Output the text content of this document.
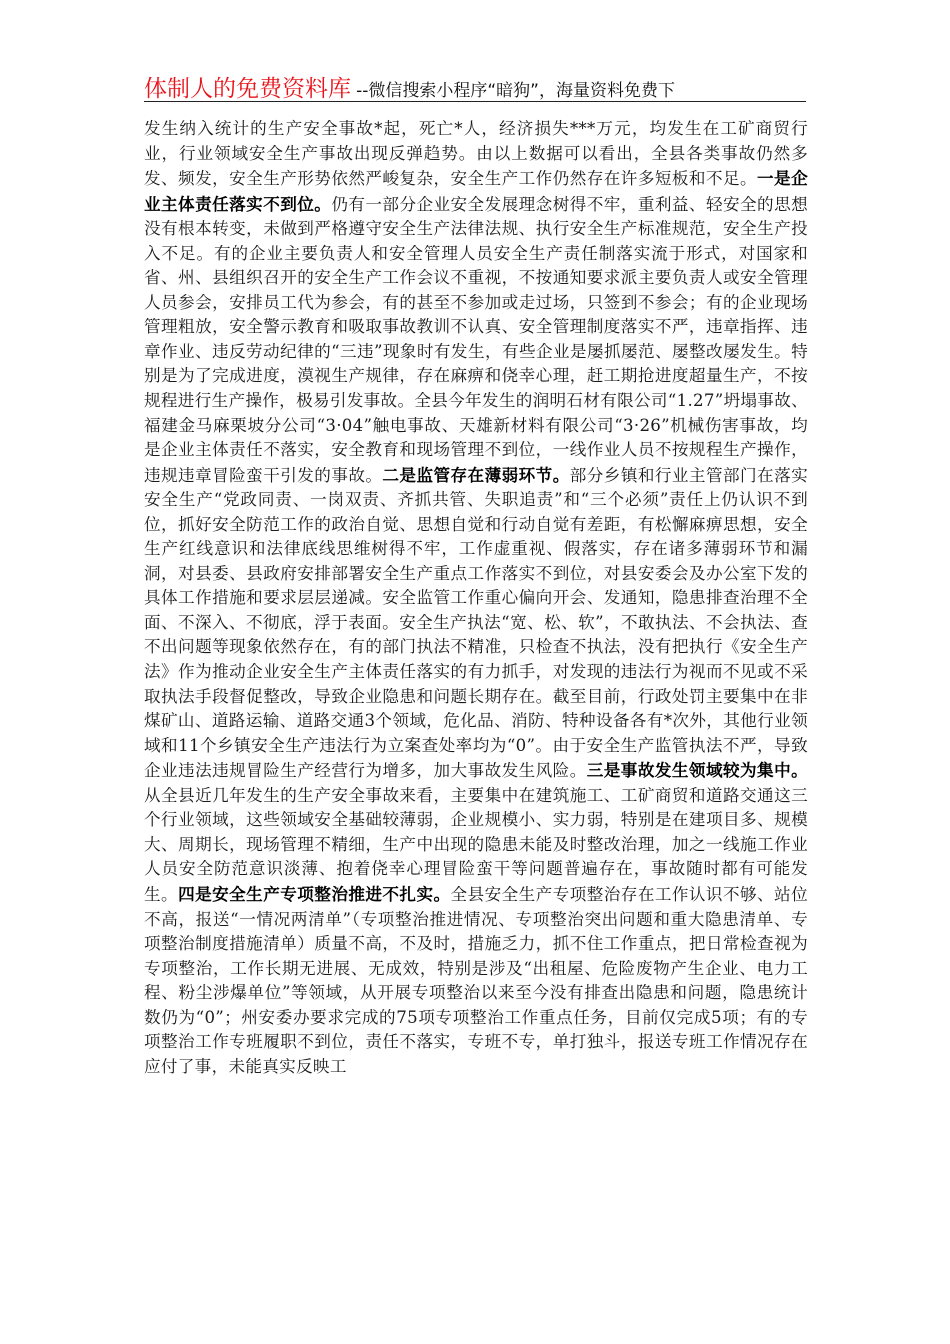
体制人的免费资料库 --微信搜索小程序“暗狗”，海量资料免费下

发生纳入统计的生产安全事故*起，死亡*人，经济损失***万元，均发生在工矿商贸行业，行业领域安全生产事故出现反弹趋势。由以上数据可以看出，全县各类事故仍然多发、频发，安全生产形势依然严峻复杂，安全生产工作仍然存在许多短板和不足。一是企业主体责任落实不到位。仍有一部分企业安全发展理念树得不牢，重利益、轻安全的思想没有根本转变，未做到严格遵守安全生产法律法规、执行安全生产标准规范，安全生产投入不足。有的企业主要负责人和安全管理人员安全生产责任制落实流于形式，对国家和省、州、县组织召开的安全生产工作会议不重视，不按通知要求派主要负责人或安全管理人员参会，安排员工代为参会，有的甚至不参加或走过场，只签到不参会；有的企业现场管理粗放，安全警示教育和吸取事故教训不认真、安全管理制度落实不严，违章指挥、违章作业、违反劳动纪律的“三违”现象时有发生，有些企业是屡抓屡范、屡整改屡发生。特别是为了完成进度，漠视生产规律，存在麻痹和侥幸心理，赶工期抢进度超量生产，不按规程进行生产操作，极易引发事故。全县今年发生的润明石材有限公司“1.27”坍塌事故、福建金马麻栗坡分公司“3·04”触电事故、天雄新材料有限公司“3·26”机械伤害事故，均是企业主体责任不落实，安全教育和现场管理不到位，一线作业人员不按规程生产操作，违规违章冒险蛮干引发的事故。二是监管存在薄弱环节。部分乡镇和行业主管部门在落实安全生产“党政同责、一岗双责、齐抓共管、失职追责”和“三个必须”责任上仍认识不到位，抓好安全防范工作的政治自觉、思想自觉和行动自觉有差距，有松懈麻痹思想，安全生产红线意识和法律底线思维树得不牢，工作虚重视、假落实，存在诸多薄弱环节和漏洞，对县委、县政府安排部署安全生产重点工作落实不到位，对县安委会及办公室下发的具体工作措施和要求层层递减。安全监管工作重心偏向开会、发通知，隐患排查治理不全面、不深入、不彻底，浮于表面。安全生产执法“宽、松、软”，不敢执法、不会执法、查不出问题等现象依然存在，有的部门执法不精准，只检查不执法，没有把执行《安全生产法》作为推动企业安全生产主体责任落实的有力抓手，对发现的违法行为视而不见或不采取执法手段督促整改，导致企业隐患和问题长期存在。截至目前，行政处罚主要集中在非煤矿山、道路运输、道路交通3个领域，危化品、消防、特种设备各有*次外，其他行业领域和11个乡镇安全生产违法行为立案查处率均为“0”。由于安全生产监管执法不严，导致企业违法违规冒险生产经营行为增多，加大事故发生风险。三是事故发生领域较为集中。从全县近几年发生的生产安全事故来看，主要集中在建筑施工、工矿商贸和道路交通这三个行业领域，这些领域安全基础较薄弱，企业规模小、实力弱，特别是在建项目多、规模大、周期长，现场管理不精细，生产中出现的隐患未能及时整改治理，加之一线施工作业人员安全防范意识淡薄、抱着侥幸心理冒险蛮干等问题普遍存在，事故随时都有可能发生。四是安全生产专项整治推进不扎实。全县安全生产专项整治存在工作认识不够、站位不高，报送“一情况两清单”（专项整治推进情况、专项整治突出问题和重大隐患清单、专项整治制度措施清单）质量不高，不及时，措施乏力，抓不住工作重点，把日常检查视为专项整治，工作长期无进展、无成效，特别是涉及“出租屋、危险废物产生企业、电力工程、粉尘涉爆单位”等领域，从开展专项整治以来至今没有排查出隐患和问题，隐患统计数仍为“0”；州安委办要求完成的75项专项整治工作重点任务，目前仅完成5项；有的专项整治工作专班履职不到位，责任不落实，专班不专，单打独斗，报送专班工作情况存在应付了事，未能真实反映工
